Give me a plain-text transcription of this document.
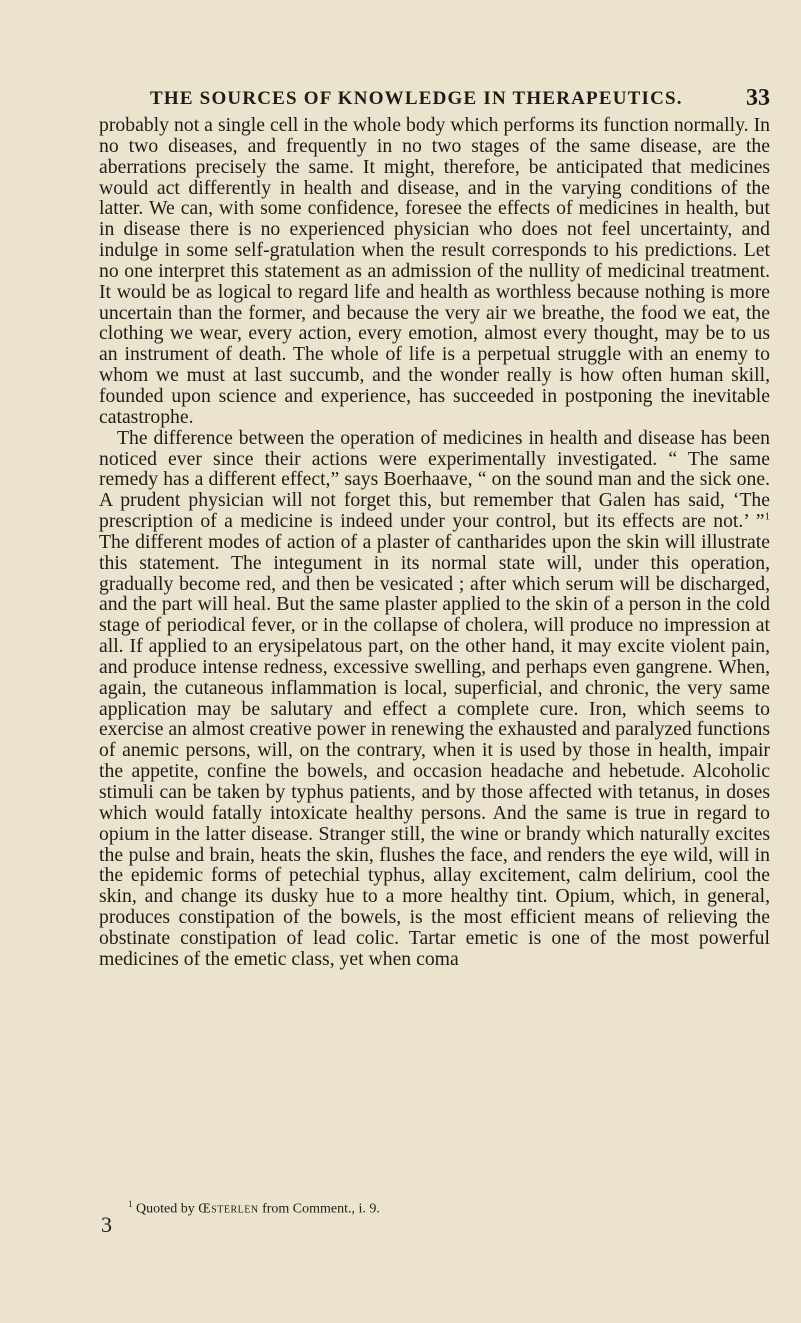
THE SOURCES OF KNOWLEDGE IN THERAPEUTICS.	33

probably not a single cell in the whole body which performs its function normally. In no two diseases, and frequently in no two stages of the same disease, are the aberrations precisely the same. It might, therefore, be anticipated that medicines would act differently in health and disease, and in the varying conditions of the latter. We can, with some confidence, foresee the effects of medicines in health, but in disease there is no experienced physician who does not feel uncertainty, and indulge in some self-gratulation when the result corresponds to his predictions. Let no one interpret this statement as an admission of the nullity of medicinal treatment. It would be as logical to regard life and health as worthless because nothing is more uncertain than the former, and because the very air we breathe, the food we eat, the clothing we wear, every action, every emotion, almost every thought, may be to us an instrument of death. The whole of life is a perpetual struggle with an enemy to whom we must at last succumb, and the wonder really is how often human skill, founded upon science and experience, has succeeded in postponing the inevitable catastrophe.

The difference between the operation of medicines in health and disease has been noticed ever since their actions were experimentally investigated. “ The same remedy has a different effect,” says Boerhaave, “ on the sound man and the sick one. A prudent physician will not forget this, but remember that Galen has said, ‘The prescription of a medicine is indeed under your control, but its effects are not.’ ”$^1$ The different modes of action of a plaster of cantharides upon the skin will illustrate this statement. The integument in its normal state will, under this operation, gradually become red, and then be vesicated ; after which serum will be discharged, and the part will heal. But the same plaster applied to the skin of a person in the cold stage of periodical fever, or in the collapse of cholera, will produce no impression at all. If applied to an erysipelatous part, on the other hand, it may excite violent pain, and produce intense redness, excessive swelling, and perhaps even gangrene. When, again, the cutaneous inflammation is local, superficial, and chronic, the very same application may be salutary and effect a complete cure. Iron, which seems to exercise an almost creative power in renewing the exhausted and paralyzed functions of anemic persons, will, on the contrary, when it is used by those in health, impair the appetite, confine the bowels, and occasion headache and hebetude. Alcoholic stimuli can be taken by typhus patients, and by those affected with tetanus, in doses which would fatally intoxicate healthy persons. And the same is true in regard to opium in the latter disease. Stranger still, the wine or brandy which naturally excites the pulse and brain, heats the skin, flushes the face, and renders the eye wild, will in the epidemic forms of petechial typhus, allay excitement, calm delirium, cool the skin, and change its dusky hue to a more healthy tint. Opium, which, in general, produces constipation of the bowels, is the most efficient means of relieving the obstinate constipation of lead colic. Tartar emetic is one of the most powerful medicines of the emetic class, yet when coma

$^1$ Quoted by Œsterlen from Comment., i. 9.
3
